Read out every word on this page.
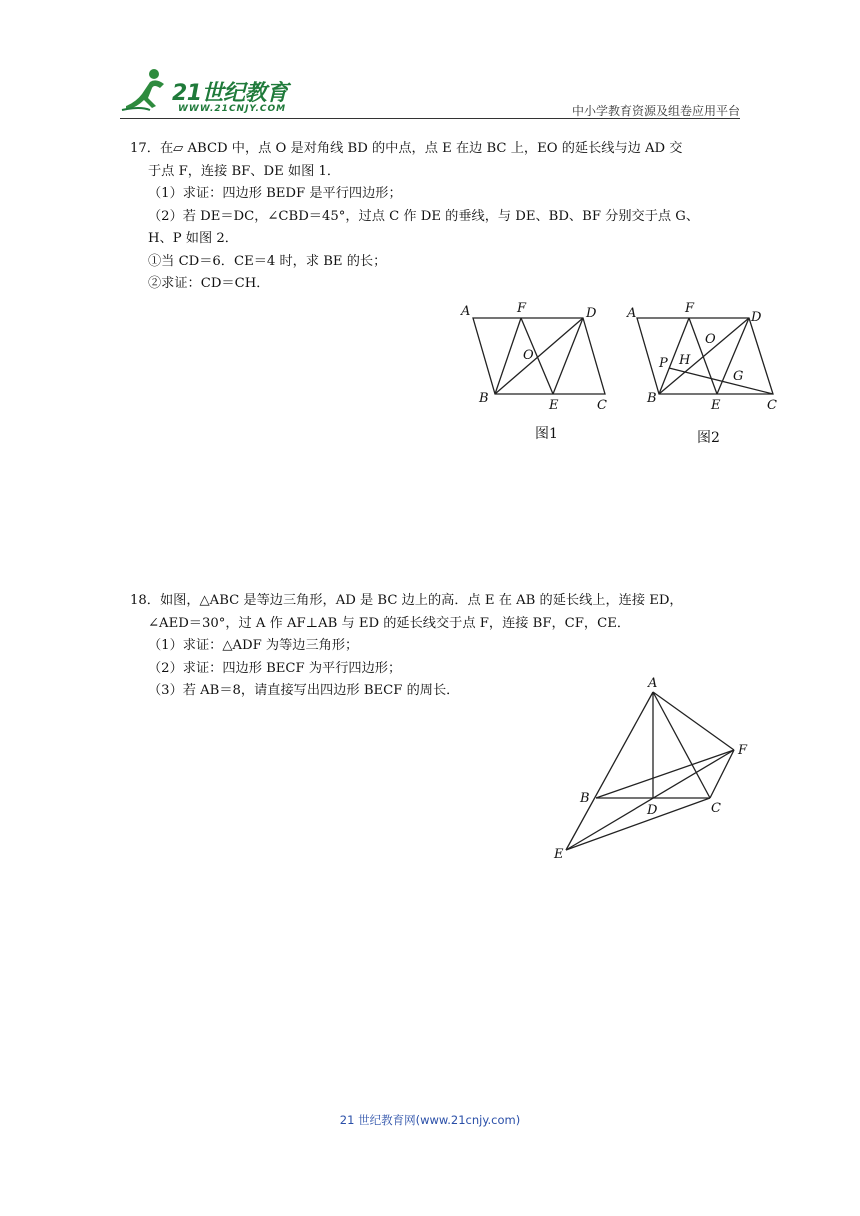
21世纪教育
WWW.21CNJY.COM	中小学教育资源及组卷应用平台

17．在▱ ABCD 中，点 O 是对角线 BD 的中点，点 E 在边 BC 上，EO 的延长线与边 AD 交

于点 F，连接 BF、DE 如图 1．

（1）求证：四边形 BEDF 是平行四边形；

（2）若 DE＝DC，∠CBD＝45°，过点 C 作 DE 的垂线，与 DE、BD、BF 分别交于点 G、

H、P 如图 2．

①当 CD＝6．CE＝4 时，求 BE 的长；

②求证：CD＝CH．

A	F	D
O
B	E	C
图1
A	F
D
O
P H
G
B	E	C
图2

18．如图，△ABC 是等边三角形，AD 是 BC 边上的高．点 E 在 AB 的延长线上，连接 ED，

∠AED＝30°，过 A 作 AF⊥AB 与 ED 的延长线交于点 F，连接 BF，CF，CE．

（1）求证：△ADF 为等边三角形；

（2）求证：四边形 BECF 为平行四边形；

（3）若 AB＝8，请直接写出四边形 BECF 的周长．	A
F
B
D	C
E
21 世纪教育网(www.21cnjy.com)
